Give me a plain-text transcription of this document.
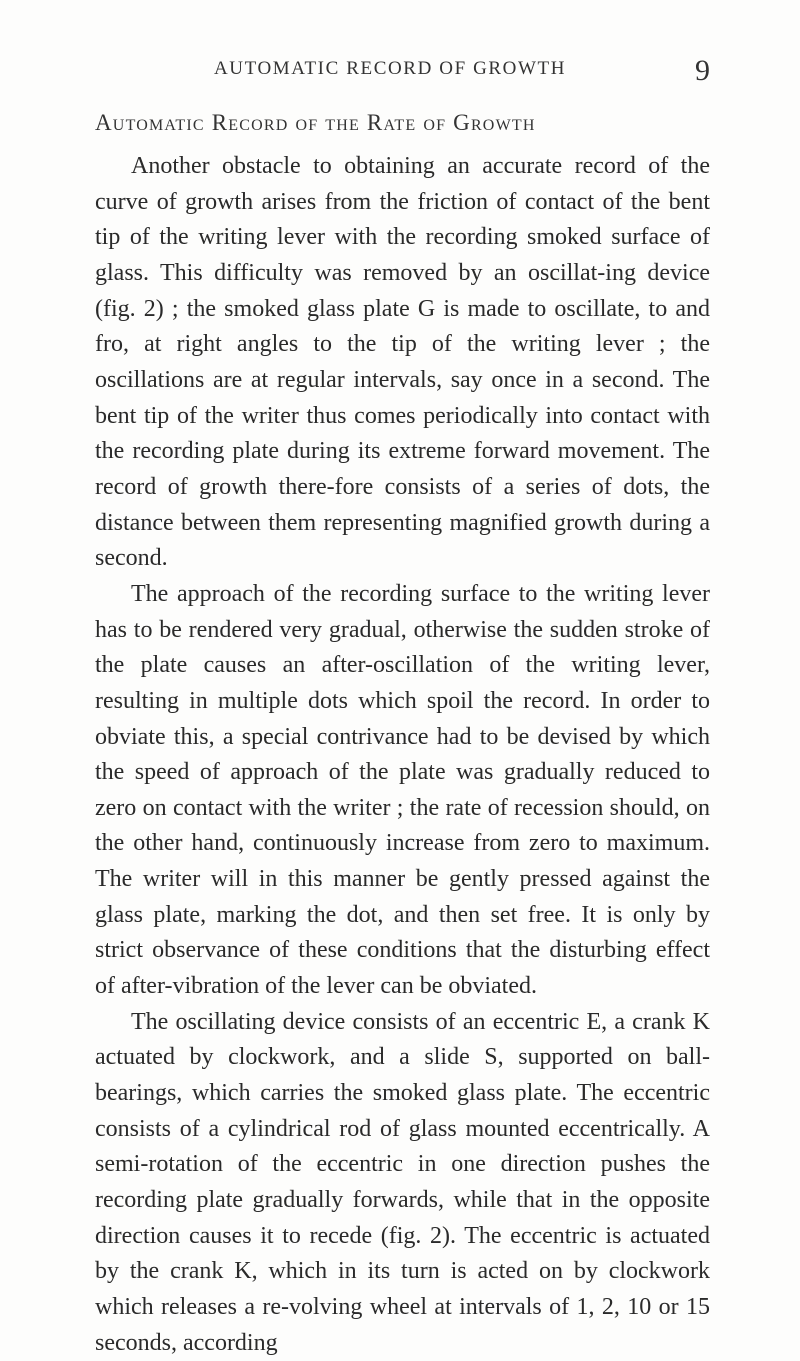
AUTOMATIC RECORD OF GROWTH	9
Automatic Record of the Rate of Growth

Another obstacle to obtaining an accurate record of the curve of growth arises from the friction of contact of the bent tip of the writing lever with the recording smoked surface of glass. This difficulty was removed by an oscillat-ing device (fig. 2) ; the smoked glass plate G is made to oscillate, to and fro, at right angles to the tip of the writing lever ; the oscillations are at regular intervals, say once in a second. The bent tip of the writer thus comes periodically into contact with the recording plate during its extreme forward movement. The record of growth there-fore consists of a series of dots, the distance between them representing magnified growth during a second.

The approach of the recording surface to the writing lever has to be rendered very gradual, otherwise the sudden stroke of the plate causes an after-oscillation of the writing lever, resulting in multiple dots which spoil the record. In order to obviate this, a special contrivance had to be devised by which the speed of approach of the plate was gradually reduced to zero on contact with the writer ; the rate of recession should, on the other hand, continuously increase from zero to maximum. The writer will in this manner be gently pressed against the glass plate, marking the dot, and then set free. It is only by strict observance of these conditions that the disturbing effect of after-vibration of the lever can be obviated.

The oscillating device consists of an eccentric E, a crank K actuated by clockwork, and a slide S, supported on ball-bearings, which carries the smoked glass plate. The eccentric consists of a cylindrical rod of glass mounted eccentrically. A semi-rotation of the eccentric in one direction pushes the recording plate gradually forwards, while that in the opposite direction causes it to recede (fig. 2). The eccentric is actuated by the crank K, which in its turn is acted on by clockwork which releases a re-volving wheel at intervals of 1, 2, 10 or 15 seconds, according
